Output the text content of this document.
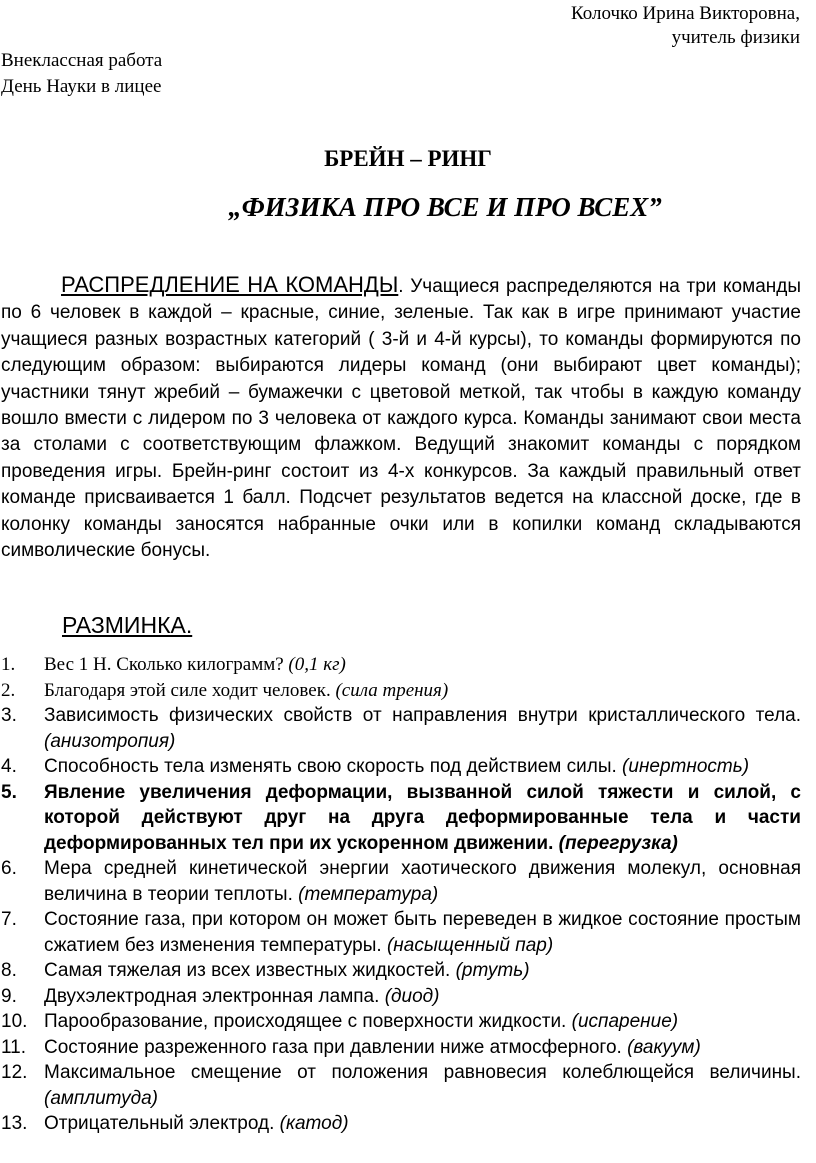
Колочко Ирина Викторовна,
учитель физики
Внеклассная работа
День Науки в лицее
БРЕЙН – РИНГ
„ФИЗИКА ПРО ВСЕ И ПРО ВСЕХ”

РАСПРЕДЛЕНИЕ НА КОМАНДЫ. Учащиеся распределяются на три команды по 6 человек в каждой – красные, синие, зеленые. Так как в игре принимают участие учащиеся разных возрастных категорий ( 3-й и 4-й курсы), то команды формируются по следующим образом: выбираются лидеры команд (они выбирают цвет команды); участники тянут жребий – бумажечки с цветовой меткой, так чтобы в каждую команду вошло вмести с лидером по 3 человека от каждого курса. Команды занимают свои места за столами с соответствующим флажком. Ведущий знакомит команды с порядком проведения игры. Брейн-ринг состоит из 4-х конкурсов. За каждый правильный ответ команде присваивается 1 балл. Подсчет результатов ведется на классной доске, где в колонку команды заносятся набранные очки или в копилки команд складываются символические бонусы.

РАЗМИНКА.
1. Вес 1 Н. Сколько килограмм? (0,1 кг)
2. Благодаря этой силе ходит человек. (сила трения)
3. Зависимость физических свойств от направления внутри кристаллического тела. (анизотропия)
4. Способность тела изменять свою скорость под действием силы. (инертность)
5. Явление увеличения деформации, вызванной силой тяжести и силой, с которой действуют друг на друга деформированные тела и части деформированных тел при их ускоренном движении. (перегрузка)
6. Мера средней кинетической энергии хаотического движения молекул, основная величина в теории теплоты. (температура)
7. Состояние газа, при котором он может быть переведен в жидкое состояние простым сжатием без изменения температуры. (насыщенный пар)
8. Самая тяжелая из всех известных жидкостей. (ртуть)
9. Двухэлектродная электронная лампа. (диод)
10. Парообразование, происходящее с поверхности жидкости. (испарение)
11. Состояние разреженного газа при давлении ниже атмосферного. (вакуум)
12. Максимальное смещение от положения равновесия колеблющейся величины. (амплитуда)
13. Отрицательный электрод. (катод)
